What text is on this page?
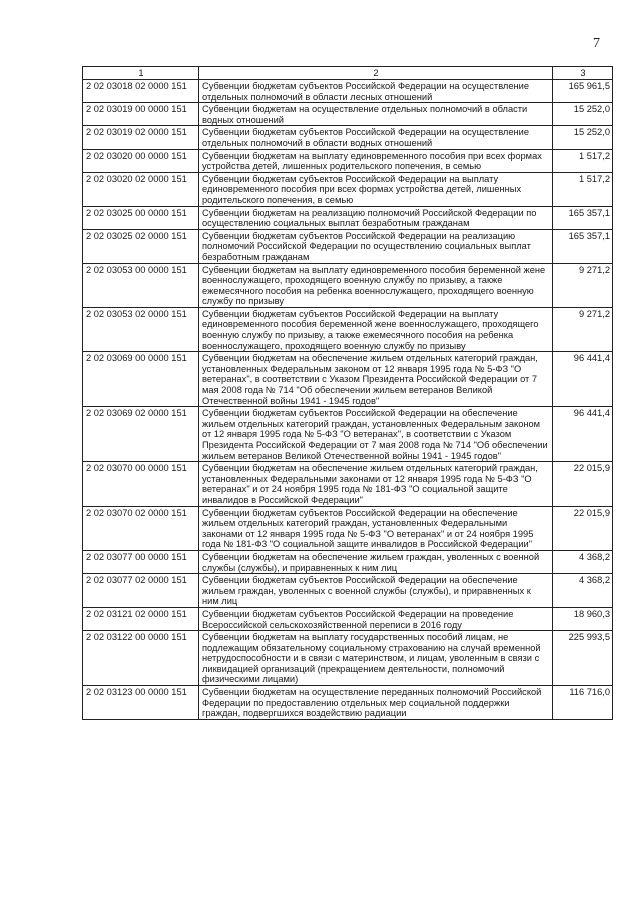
7
1	2	3
2 02 03018 02 0000 151	Субвенции бюджетам субъектов Российской Федерации на осуществление отдельных полномочий в области лесных отношений	165 961,5
2 02 03019 00 0000 151	Субвенции бюджетам на осуществление отдельных полномочий в области водных отношений	15 252,0
2 02 03019 02 0000 151	Субвенции бюджетам субъектов Российской Федерации на осуществление отдельных полномочий в области водных отношений	15 252,0
2 02 03020 00 0000 151	Субвенции бюджетам на выплату единовременного пособия при всех формах устройства детей, лишенных родительского попечения, в семью	1 517,2
2 02 03020 02 0000 151	Субвенции бюджетам субъектов Российской Федерации на выплату единовременного пособия при всех формах устройства детей, лишенных родительского попечения, в семью	1 517,2
2 02 03025 00 0000 151	Субвенции бюджетам на реализацию полномочий Российской Федерации по осуществлению социальных выплат безработным гражданам	165 357,1
2 02 03025 02 0000 151	Субвенции бюджетам субъектов Российской Федерации на реализацию полномочий Российской Федерации по осуществлению социальных выплат безработным гражданам	165 357,1
2 02 03053 00 0000 151	Субвенции бюджетам на выплату единовременного пособия беременной жене военнослужащего, проходящего военную службу по призыву, а также ежемесячного пособия на ребенка военнослужащего, проходящего военную службу по призыву	9 271,2
2 02 03053 02 0000 151	Субвенции бюджетам субъектов Российской Федерации на выплату единовременного пособия беременной жене военнослужащего, проходящего военную службу по призыву, а также ежемесячного пособия на ребенка военнослужащего, проходящего военную службу по призыву	9 271,2
2 02 03069 00 0000 151	Субвенции бюджетам на обеспечение жильем отдельных категорий граждан, установленных Федеральным законом от 12 января 1995 года № 5-ФЗ "О ветеранах", в соответствии с Указом Президента Российской Федерации от 7 мая 2008 года № 714 "Об обеспечении жильем ветеранов Великой Отечественной войны 1941 - 1945 годов"	96 441,4
2 02 03069 02 0000 151	Субвенции бюджетам субъектов Российской Федерации на обеспечение жильем отдельных категорий граждан, установленных Федеральным законом от 12 января 1995 года № 5-ФЗ "О ветеранах", в соответствии с Указом Президента Российской Федерации от 7 мая 2008 года № 714 "Об обеспечении жильем ветеранов Великой Отечественной войны 1941 - 1945 годов"	96 441,4
2 02 03070 00 0000 151	Субвенции бюджетам на обеспечение жильем отдельных категорий граждан, установленных Федеральными законами от 12 января 1995 года № 5-ФЗ "О ветеранах" и от 24 ноября 1995 года № 181-ФЗ "О социальной защите инвалидов в Российской Федерации"	22 015,9
2 02 03070 02 0000 151	Субвенции бюджетам субъектов Российской Федерации на обеспечение жильем отдельных категорий граждан, установленных Федеральными законами от 12 января 1995 года № 5-ФЗ "О ветеранах" и от 24 ноября 1995 года № 181-ФЗ "О социальной защите инвалидов в Российской Федерации"	22 015,9
2 02 03077 00 0000 151	Субвенции бюджетам на обеспечение жильем граждан, уволенных с военной службы (службы), и приравненных к ним лиц	4 368,2
2 02 03077 02 0000 151	Субвенции бюджетам субъектов Российской Федерации на обеспечение жильем граждан, уволенных с военной службы (службы), и приравненных к ним лиц	4 368,2
2 02 03121 02 0000 151	Субвенции бюджетам субъектов Российской Федерации на проведение Всероссийской сельскохозяйственной переписи в 2016 году	18 960,3
2 02 03122 00 0000 151	Субвенции бюджетам на выплату государственных пособий лицам, не подлежащим обязательному социальному страхованию на случай временной нетрудоспособности и в связи с материнством, и лицам, уволенным в связи с ликвидацией организаций (прекращением деятельности, полномочий физическими лицами)	225 993,5
2 02 03123 00 0000 151	Субвенции бюджетам на осуществление переданных полномочий Российской Федерации по предоставлению отдельных мер социальной поддержки граждан, подвергшихся воздействию радиации	116 716,0
